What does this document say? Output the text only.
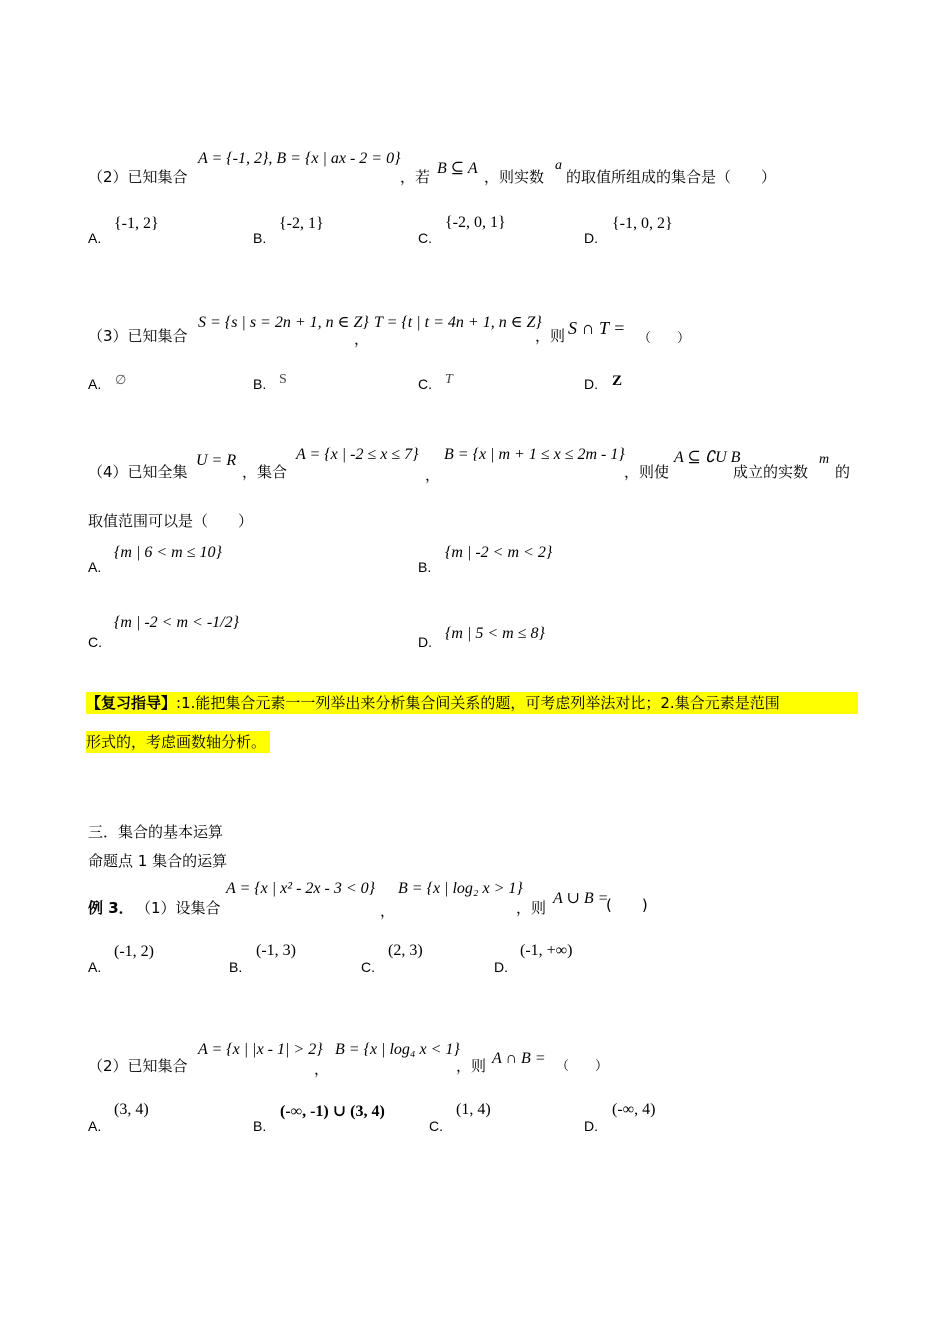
（2）已知集合
A = {-1, 2}, B = {x | ax - 2 = 0}
，若 B ⊆ A ，则实数
a
的取值所组成的集合是（　　）
A.
{-1, 2}
B.
{-2, 1}
C.
{-2, 0, 1}
D.
{-1, 0, 2}
（3）已知集合
S = {s | s = 2n + 1, n ∈ Z}
，
T = {t | t = 4n + 1, n ∈ Z}
，则 S ∩ T =
（　　）
A. ∅	B. S	C. T	D. Z
（4）已知全集
U = R
，集合
A = {x | -2 ≤ x ≤ 7}
，
B = {x | m + 1 ≤ x ≤ 2m - 1}
，则使
A ⊆ ∁U B
成立的实数
m
的
取值范围可以是（　　）
A.
{m | 6 < m ≤ 10}
B.
{m | -2 < m < 2}
C.
{m | -2 < m < -1/2}
D. {m | 5 < m ≤ 8}
【复习指导】:1.能把集合元素一一列举出来分析集合间关系的题，可考虑列举法对比；2.集合元素是范围
形式的，考虑画数轴分析。
三．集合的基本运算
命题点 1 集合的运算
例 3． （1）设集合
A = {x | x² - 2x - 3 < 0}
，
B = {x | log₂ x > 1}
，则
A ∪ B =
(　　)
A.
(-1, 2)
B.
(-1, 3)
C.
(2, 3)
D.
(-1, +∞)
（2）已知集合
A = {x | |x - 1| > 2}
，
B = {x | log₄ x < 1}
，则 A ∩ B = （　　）
A.
(3, 4)
B.
(-∞, -1) ∪ (3, 4)
C.
(1, 4)
D.
(-∞, 4)
